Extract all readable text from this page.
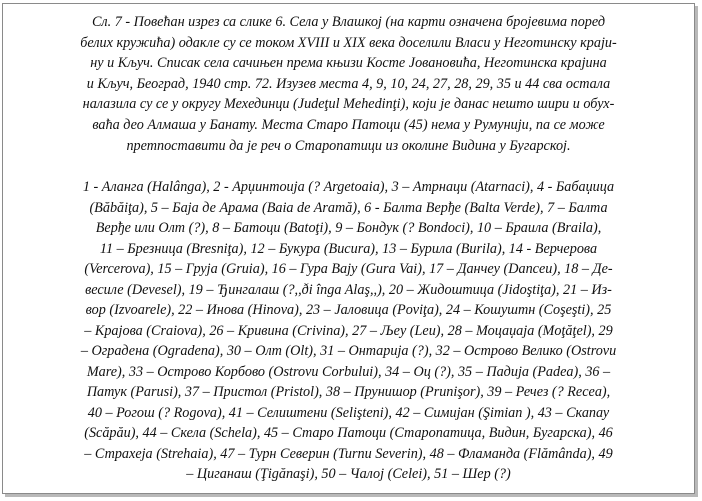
Сл. 7 - Повећан изрез са слике 6. Села у Влашкој (на карти означена бројевима поред
белих кружића) одакле су се током XVIII и XIX века доселили Власи у Неготинску краји-
ну и Кључ. Списак села сачињен према књизи Косте Јовановића, Неготинска крајина
и Кључ, Београд, 1940 стр. 72. Изузев места 4, 9, 10, 24, 27, 28, 29, 35 и 44 сва остала
налазила су се у округу Мехединци (Judeţul Mehedinţi), који је данас нешто шири и обух-
ваћа део Алмаша у Банату. Места Старо Патоци (45) нема у Румунији, па се може
претпоставити да је реч о Старопатици из околине Видина у Бугарској.

1 - Аланга (Halânga), 2 - Арџинтоија (? Argetoaia), 3 – Атрнаци (Atarnaci), 4 - Бабаџица
(Băbăiţa), 5 – Баја де Арама (Baia de Aramă), 6 - Балта Верђе (Balta Verde), 7 – Балта
Верђе или Олт (?), 8 – Батоци (Batoţi), 9 – Бондук (? Bondoci), 10 – Браила (Braila),
11 – Брезница (Bresniţa), 12 – Букура (Bucura), 13 – Бурила (Burila), 14 - Верчерова
(Vercerova), 15 – Груја (Gruia), 16 – Гура Вају (Gura Vai), 17 – Данчеу (Danceu), 18 – Де-
весиле (Devesel), 19 – Ђингалаш (?,,ði înga Alaş,,), 20 – Жидоштица (Jidoştiţa), 21 – Из-
вор (Izvoarele), 22 – Инова (Hinova), 23 – Јаловица (Poviţa), 24 – Кошуштн (Coşeşti), 25
– Крајова (Craiova), 26 – Кривина (Crivina), 27 – Љеу (Leu), 28 – Моцаџаја (Moţăţel), 29
– Оградена (Ogradena), 30 – Олт (Olt), 31 – Онтарија (?), 32 – Острово Велико (Ostrovu
Mare), 33 – Острово Корбово (Ostrovu Corbului), 34 – Оц (?), 35 – Падија (Padea), 36 –
Патук (Parusi), 37 – Пристол (Pristol), 38 – Прунишор (Prunişor), 39 – Речез (? Recea),
40 – Рогош (? Rogova), 41 – Селиштени (Selişteni), 42 – Симијан (Şimian ), 43 – Скапау
(Scăpău), 44 – Скела (Schela), 45 – Старо Патоци (Старопатица, Видин, Бугарска), 46
– Страхеја (Strehaia), 47 – Турн Северин (Turnu Severin), 48 – Фламанда (Flămânda), 49
– Циганаш (Ţigănaşi), 50 – Чалој (Celei), 51 – Шер (?)
